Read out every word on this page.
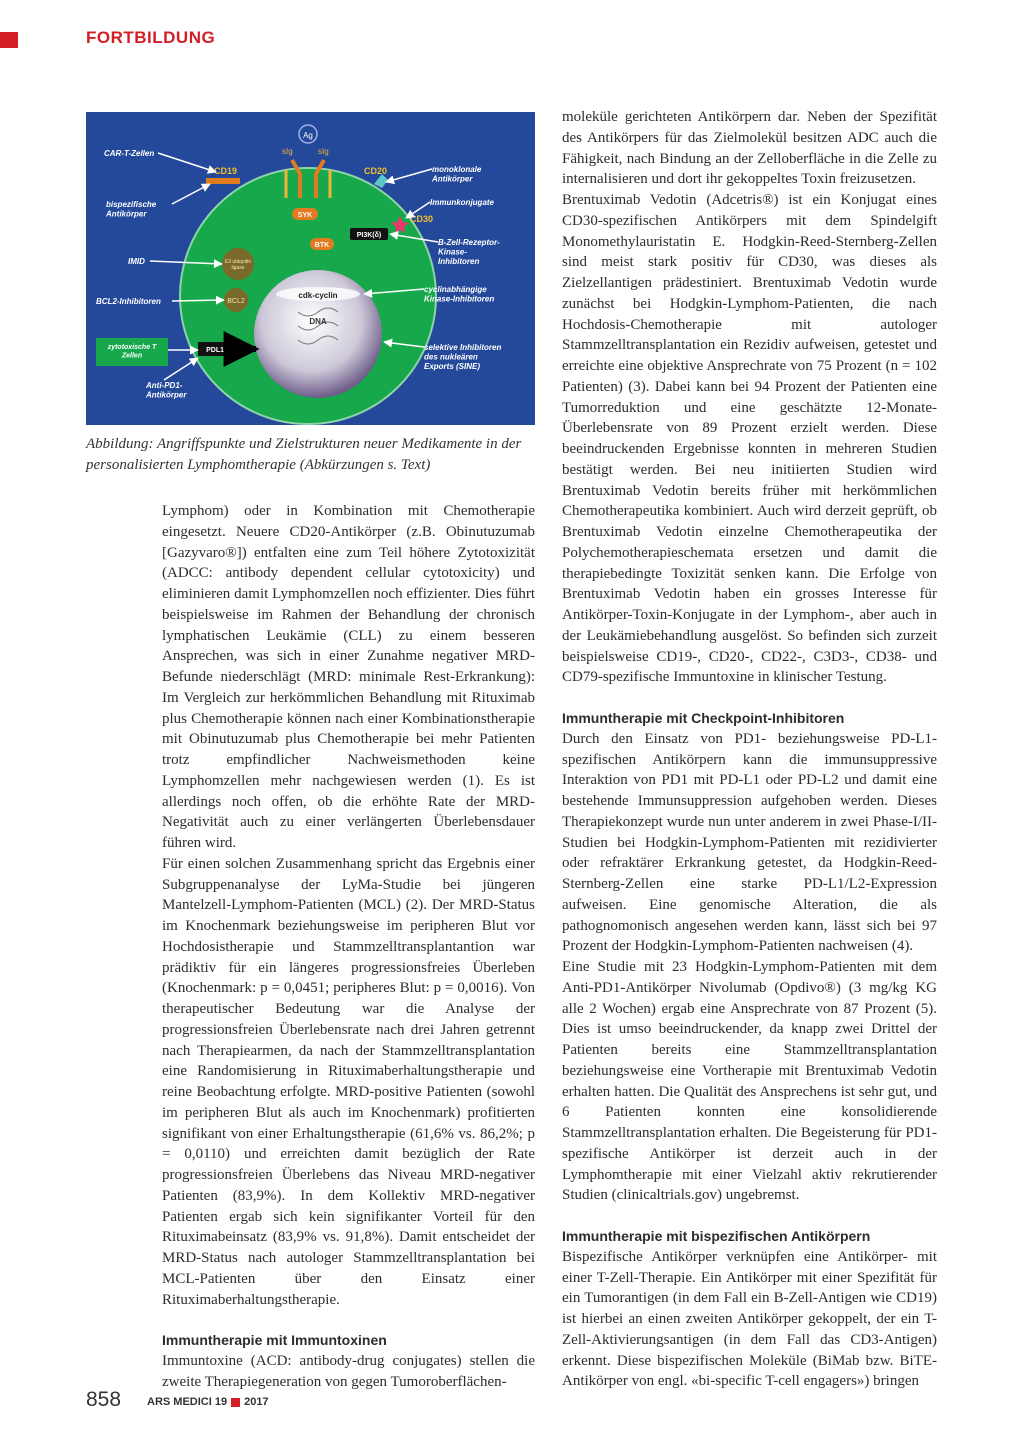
FORTBILDUNG
cdk-cyclin
DNA
Ag
sIg	sIg
CD19	CD20
CD30
SYK
BTK
PI3K(δ)
E3 ubiquitin ligase
BCL2
PDL1/2
CAR-T-Zellen
bispezifische Antikörper
IMID
BCL2-Inhibitoren
zytotoxische T Zellen
Anti-PD1-Antikörper
monoklonale Antikörper
Immunkonjugate
B-Zell-Rezeptor-Kinase-Inhibitoren
cyclinabhängige Kinase-Inhibitoren
selektive Inhibitoren des nukleären Exports (SINE)

Abbildung: Angriffspunkte und Zielstrukturen neuer Medikamente in der personalisierten Lymphomtherapie (Abkürzungen s. Text)

Lymphom) oder in Kombination mit Chemotherapie eingesetzt. Neuere CD20-Antikörper (z.B. Obinutuzumab [Gazyvaro®]) entfalten eine zum Teil höhere Zytotoxizität (ADCC: antibody dependent cellular cytotoxicity) und eliminieren damit Lymphomzellen noch effizienter. Dies führt beispielsweise im Rahmen der Behandlung der chronisch lymphatischen Leukämie (CLL) zu einem besseren Ansprechen, was sich in einer Zunahme negativer MRD-Befunde niederschlägt (MRD: minimale Rest-Erkrankung): Im Vergleich zur herkömmlichen Behandlung mit Rituximab plus Chemotherapie können nach einer Kombinationstherapie mit Obinutuzumab plus Chemotherapie bei mehr Patienten trotz empfindlicher Nachweismethoden keine Lymphomzellen mehr nachgewiesen werden (1). Es ist allerdings noch offen, ob die erhöhte Rate der MRD-Negativität auch zu einer verlängerten Überlebensdauer führen wird.

Für einen solchen Zusammenhang spricht das Ergebnis einer Subgruppenanalyse der LyMa-Studie bei jüngeren Mantelzell-Lymphom-Patienten (MCL) (2). Der MRD-Status im Knochenmark beziehungsweise im peripheren Blut vor Hochdosistherapie und Stammzelltransplantantion war prädiktiv für ein längeres progressionsfreies Überleben (Knochenmark: p = 0,0451; peripheres Blut: p = 0,0016). Von therapeutischer Bedeutung war die Analyse der progressionsfreien Überlebensrate nach drei Jahren getrennt nach Therapiearmen, da nach der Stammzelltransplantation eine Randomisierung in Rituximaberhaltungstherapie und reine Beobachtung erfolgte. MRD-positive Patienten (sowohl im peripheren Blut als auch im Knochenmark) profitierten signifikant von einer Erhaltungstherapie (61,6% vs. 86,2%; p = 0,0110) und erreichten damit bezüglich der Rate progressionsfreien Überlebens das Niveau MRD-negativer Patienten (83,9%). In dem Kollektiv MRD-negativer Patienten ergab sich kein signifikanter Vorteil für den Rituximabeinsatz (83,9% vs. 91,8%). Damit entscheidet der MRD-Status nach autologer Stammzelltransplantation bei MCL-Patienten über den Einsatz einer Rituximaberhaltungstherapie.

Immuntherapie mit Immuntoxinen

Immuntoxine (ACD: antibody-drug conjugates) stellen die zweite Therapiegeneration von gegen Tumoroberflächen-

moleküle gerichteten Antikörpern dar. Neben der Spezifität des Antikörpers für das Zielmolekül besitzen ADC auch die Fähigkeit, nach Bindung an der Zelloberfläche in die Zelle zu internalisieren und dort ihr gekoppeltes Toxin freizusetzen.

Brentuximab Vedotin (Adcetris®) ist ein Konjugat eines CD30-spezifischen Antikörpers mit dem Spindelgift Monomethylauristatin E. Hodgkin-Reed-Sternberg-Zellen sind meist stark positiv für CD30, was dieses als Zielzellantigen prädestiniert. Brentuximab Vedotin wurde zunächst bei Hodgkin-Lymphom-Patienten, die nach Hochdosis-Chemotherapie mit autologer Stammzelltransplantation ein Rezidiv aufweisen, getestet und erreichte eine objektive Ansprechrate von 75 Prozent (n = 102 Patienten) (3). Dabei kann bei 94 Prozent der Patienten eine Tumorreduktion und eine geschätzte 12-Monate-Überlebensrate von 89 Prozent erzielt werden. Diese beeindruckenden Ergebnisse konnten in mehreren Studien bestätigt werden. Bei neu initiierten Studien wird Brentuximab Vedotin bereits früher mit herkömmlichen Chemotherapeutika kombiniert. Auch wird derzeit geprüft, ob Brentuximab Vedotin einzelne Chemotherapeutika der Polychemotherapieschemata ersetzen und damit die therapiebedingte Toxizität senken kann. Die Erfolge von Brentuximab Vedotin haben ein grosses Interesse für Antikörper-Toxin-Konjugate in der Lymphom-, aber auch in der Leukämiebehandlung ausgelöst. So befinden sich zurzeit beispielsweise CD19-, CD20-, CD22-, C3D3-, CD38- und CD79-spezifische Immuntoxine in klinischer Testung.

Immuntherapie mit Checkpoint-Inhibitoren

Durch den Einsatz von PD1- beziehungsweise PD-L1-spezifischen Antikörpern kann die immunsuppressive Interaktion von PD1 mit PD-L1 oder PD-L2 und damit eine bestehende Immunsuppression aufgehoben werden. Dieses Therapiekonzept wurde nun unter anderem in zwei Phase-I/II-Studien bei Hodgkin-Lymphom-Patienten mit rezidivierter oder refraktärer Erkrankung getestet, da Hodgkin-Reed-Sternberg-Zellen eine starke PD-L1/L2-Expression aufweisen. Eine genomische Alteration, die als pathognomonisch angesehen werden kann, lässt sich bei 97 Prozent der Hodgkin-Lymphom-Patienten nachweisen (4).

Eine Studie mit 23 Hodgkin-Lymphom-Patienten mit dem Anti-PD1-Antikörper Nivolumab (Opdivo®) (3 mg/kg KG alle 2 Wochen) ergab eine Ansprechrate von 87 Prozent (5). Dies ist umso beeindruckender, da knapp zwei Drittel der Patienten bereits eine Stammzelltransplantation beziehungsweise eine Vortherapie mit Brentuximab Vedotin erhalten hatten. Die Qualität des Ansprechens ist sehr gut, und 6 Patienten konnten eine konsolidierende Stammzelltransplantation erhalten. Die Begeisterung für PD1-spezifische Antikörper ist derzeit auch in der Lymphomtherapie mit einer Vielzahl aktiv rekrutierender Studien (clinicaltrials.gov) ungebremst.

Immuntherapie mit bispezifischen Antikörpern

Bispezifische Antikörper verknüpfen eine Antikörper- mit einer T-Zell-Therapie. Ein Antikörper mit einer Spezifität für ein Tumorantigen (in dem Fall ein B-Zell-Antigen wie CD19) ist hierbei an einen zweiten Antikörper gekoppelt, der ein T-Zell-Aktivierungsantigen (in dem Fall das CD3-Antigen) erkennt. Diese bispezifischen Moleküle (BiMab bzw. BiTE-Antikörper von engl. «bi-specific T-cell engagers») bringen

858 ARS MEDICI 19 2017
